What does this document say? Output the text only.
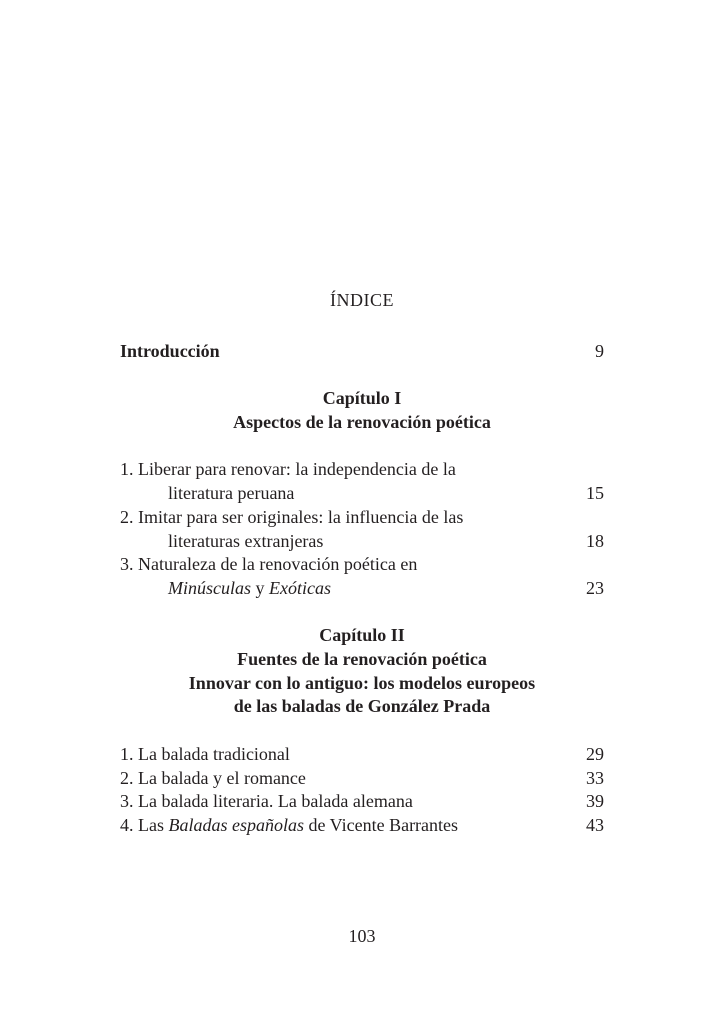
ÍNDICE
Introducción	9
Capítulo I
Aspectos de la renovación poética
1. Liberar para renovar: la independencia de la
literatura peruana	15
2. Imitar para ser originales: la influencia de las
literaturas extranjeras	18
3. Naturaleza de la renovación poética en
Minúsculas y Exóticas	23
Capítulo II
Fuentes de la renovación poética
Innovar con lo antiguo: los modelos europeos
de las baladas de González Prada
1. La balada tradicional	29
2. La balada y el romance	33
3. La balada literaria. La balada alemana	39
4. Las Baladas españolas de Vicente Barrantes	43
103
